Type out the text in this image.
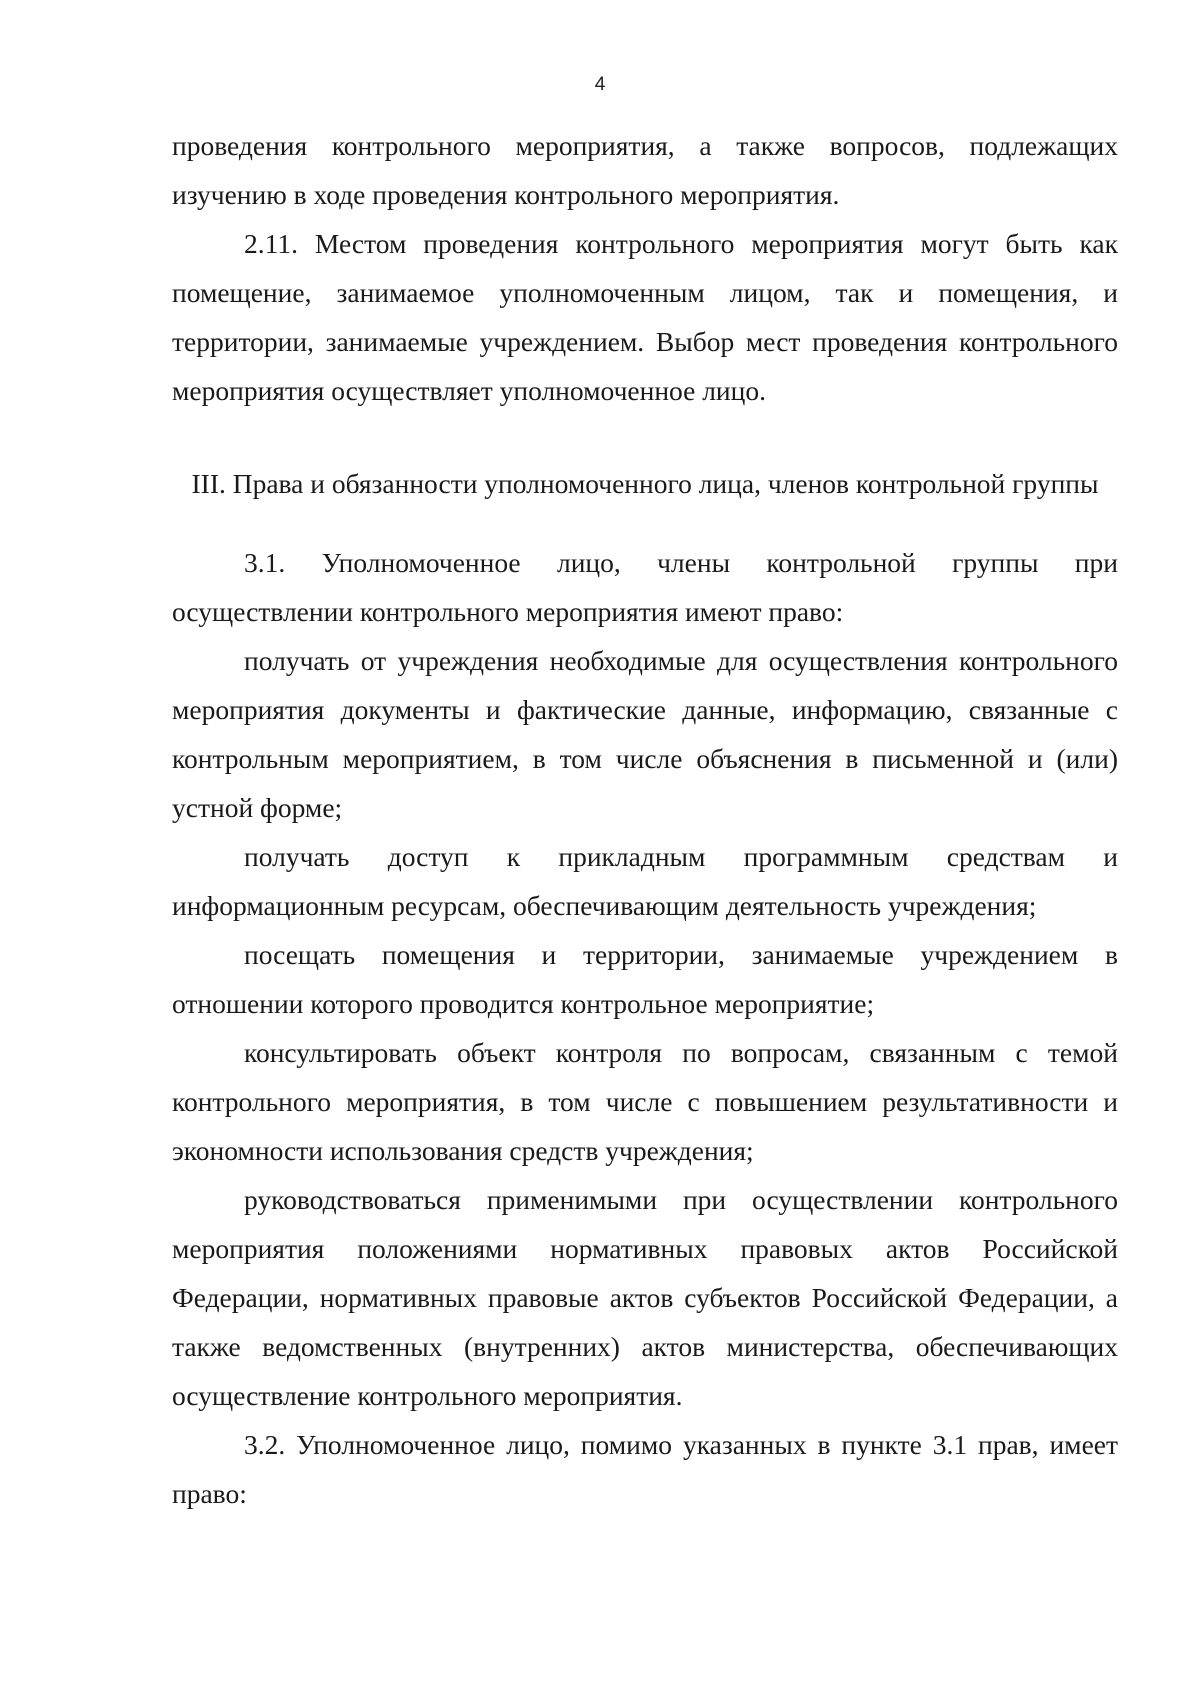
4

проведения контрольного мероприятия, а также вопросов, подлежащих изучению в ходе проведения контрольного мероприятия.

2.11. Местом проведения контрольного мероприятия могут быть как помещение, занимаемое уполномоченным лицом, так и помещения, и территории, занимаемые учреждением. Выбор мест проведения контрольного мероприятия осуществляет уполномоченное лицо.

III. Права и обязанности уполномоченного лица, членов контрольной группы

3.1. Уполномоченное лицо, члены контрольной группы при осуществлении контрольного мероприятия имеют право:

получать от учреждения необходимые для осуществления контрольного мероприятия документы и фактические данные, информацию, связанные с контрольным мероприятием, в том числе объяснения в письменной и (или) устной форме;

получать доступ к прикладным программным средствам и информационным ресурсам, обеспечивающим деятельность учреждения;

посещать помещения и территории, занимаемые учреждением в отношении которого проводится контрольное мероприятие;

консультировать объект контроля по вопросам, связанным с темой контрольного мероприятия, в том числе с повышением результативности и экономности использования средств учреждения;

руководствоваться применимыми при осуществлении контрольного мероприятия положениями нормативных правовых актов Российской Федерации, нормативных правовые актов субъектов Российской Федерации, а также ведомственных (внутренних) актов министерства, обеспечивающих осуществление контрольного мероприятия.

3.2. Уполномоченное лицо, помимо указанных в пункте 3.1 прав, имеет право:
